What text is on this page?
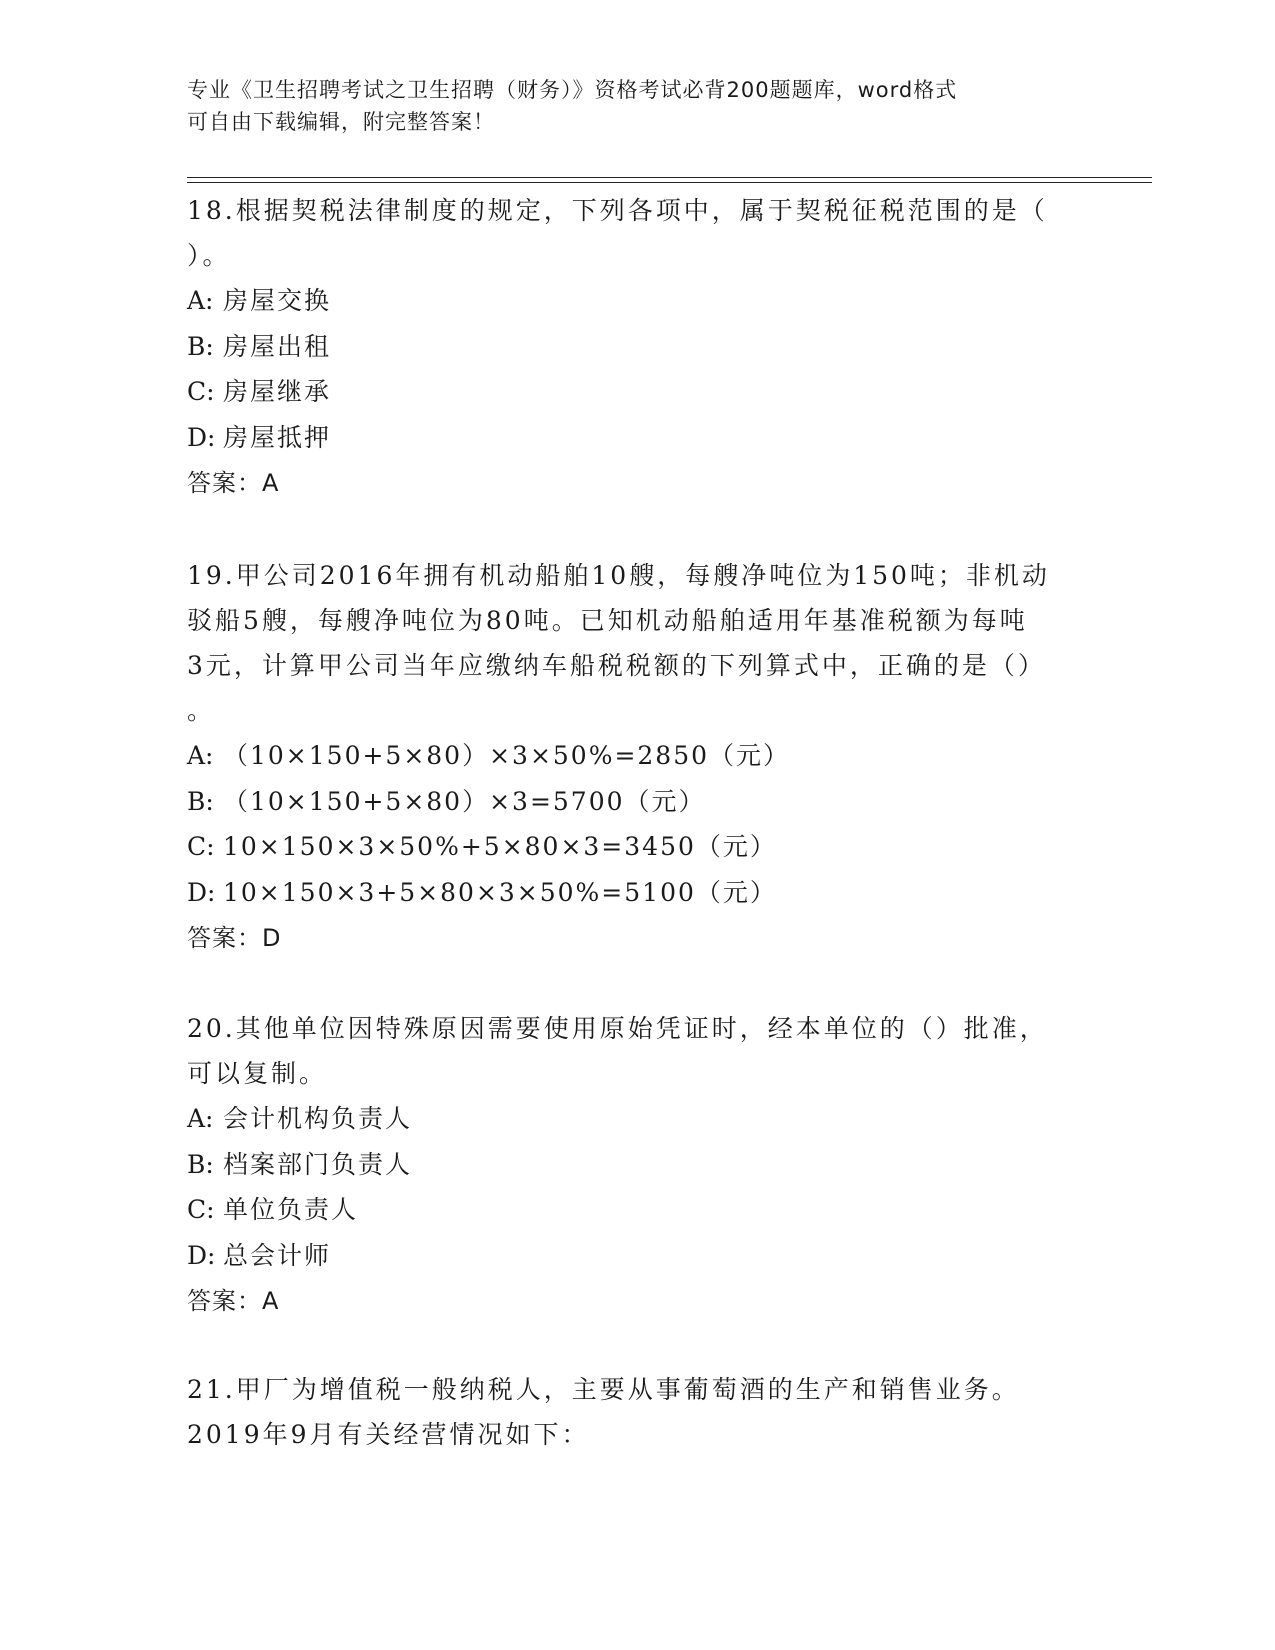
专业《卫生招聘考试之卫生招聘（财务）》资格考试必背200题题库，word格式
可自由下载编辑，附完整答案！

18.根据契税法律制度的规定，下列各项中，属于契税征税范围的是（

）。

A: 房屋交换

B: 房屋出租

C: 房屋继承

D: 房屋抵押

答案：A

19.甲公司2016年拥有机动船舶10艘，每艘净吨位为150吨；非机动

驳船5艘，每艘净吨位为80吨。已知机动船舶适用年基准税额为每吨

3元，计算甲公司当年应缴纳车船税税额的下列算式中，正确的是（）

。

A: （10×150+5×80）×3×50%=2850（元）

B: （10×150+5×80）×3=5700（元）

C: 10×150×3×50%+5×80×3=3450（元）

D: 10×150×3+5×80×3×50%=5100（元）

答案：D

20.其他单位因特殊原因需要使用原始凭证时，经本单位的（）批准，

可以复制。

A: 会计机构负责人

B: 档案部门负责人

C: 单位负责人

D: 总会计师

答案：A

21.甲厂为增值税一般纳税人，主要从事葡萄酒的生产和销售业务。

2019年9月有关经营情况如下：
